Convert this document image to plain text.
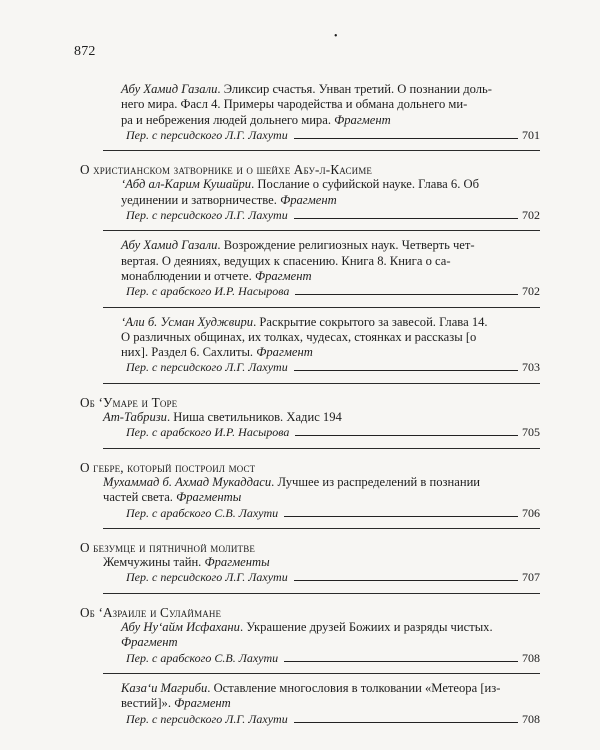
•
872

Абу Хамид Газали. Эликсир счастья. Унван третий. О познании доль-
него мира. Фасл 4. Примеры чародейства и обмана дольнего ми-
ра и небрежения людей дольнего мира. Фрагмент

Пер. с персидского Л.Г. Лахути	701

О христианском затворнике и о шейхе Абу-л-Касиме

‘Абд ал-Карим Кушайри. Послание о суфийской науке. Глава 6. Об
уединении и затворничестве. Фрагмент

Пер. с персидского Л.Г. Лахути	702

Абу Хамид Газали. Возрождение религиозных наук. Четверть чет-
вертая. О деяниях, ведущих к спасению. Книга 8. Книга о са-
монаблюдении и отчете. Фрагмент

Пер. с арабского И.Р. Насырова	702

‘Али б. Усман Худжвири. Раскрытие сокрытого за завесой. Глава 14.
О различных общинах, их толках, чудесах, стоянках и рассказы [о
них]. Раздел 6. Сахлиты. Фрагмент

Пер. с персидского Л.Г. Лахути	703

Об ‘Умаре и Торе

Ат-Табризи. Ниша светильников. Хадис 194

Пер. с арабского И.Р. Насырова	705

О гебре, который построил мост

Мухаммад б. Ахмад Мукаддаси. Лучшее из распределений в познании
частей света. Фрагменты

Пер. с арабского С.В. Лахути	706

О безумце и пятничной молитве

Жемчужины тайн. Фрагменты

Пер. с персидского Л.Г. Лахути	707

Об ‘Азраиле и Сулаймане

Абу Ну‘айм Исфахани. Украшение друзей Божиих и разряды чистых.
Фрагмент

Пер. с арабского С.В. Лахути	708

Каза‘и Магриби. Оставление многословия в толковании «Метеора [из-
вестий]». Фрагмент

Пер. с персидского Л.Г. Лахути	708
